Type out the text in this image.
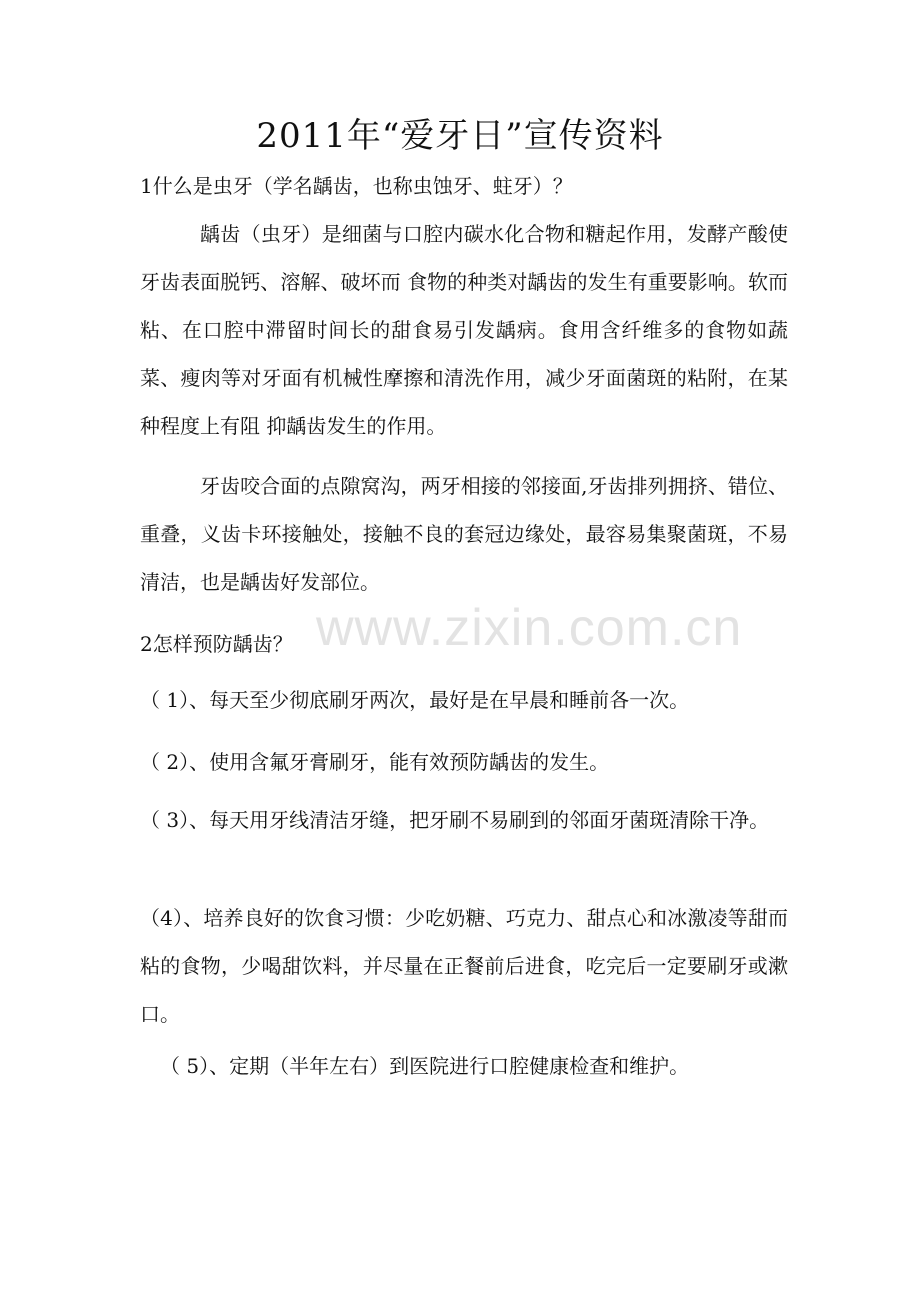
2011年“爱牙日”宣传资料
1什么是虫牙（学名龋齿，也称虫蚀牙、蛀牙）？

龋齿（虫牙）是细菌与口腔内碳水化合物和糖起作用，发酵产酸使牙齿表面脱钙、溶解、破坏而 食物的种类对龋齿的发生有重要影响。软而粘、在口腔中滞留时间长的甜食易引发龋病。食用含纤维多的食物如蔬菜、瘦肉等对牙面有机械性摩擦和清洗作用，减少牙面菌斑的粘附，在某种程度上有阻 抑龋齿发生的作用。

牙齿咬合面的点隙窝沟，两牙相接的邻接面,牙齿排列拥挤、错位、重叠，义齿卡环接触处，接触不良的套冠边缘处，最容易集聚菌斑，不易清洁，也是龋齿好发部位。

2怎样预防龋齿？ www.zixin.com.cn

（ 1）、每天至少彻底刷牙两次，最好是在早晨和睡前各一次。

（ 2）、使用含氟牙膏刷牙，能有效预防龋齿的发生。

（ 3）、每天用牙线清洁牙缝，把牙刷不易刷到的邻面牙菌斑清除干净。

（4）、培养良好的饮食习惯：少吃奶糖、巧克力、甜点心和冰激凌等甜而粘的食物，少喝甜饮料，并尽量在正餐前后进食，吃完后一定要刷牙或漱口。

（ 5）、定期（半年左右）到医院进行口腔健康检查和维护。
